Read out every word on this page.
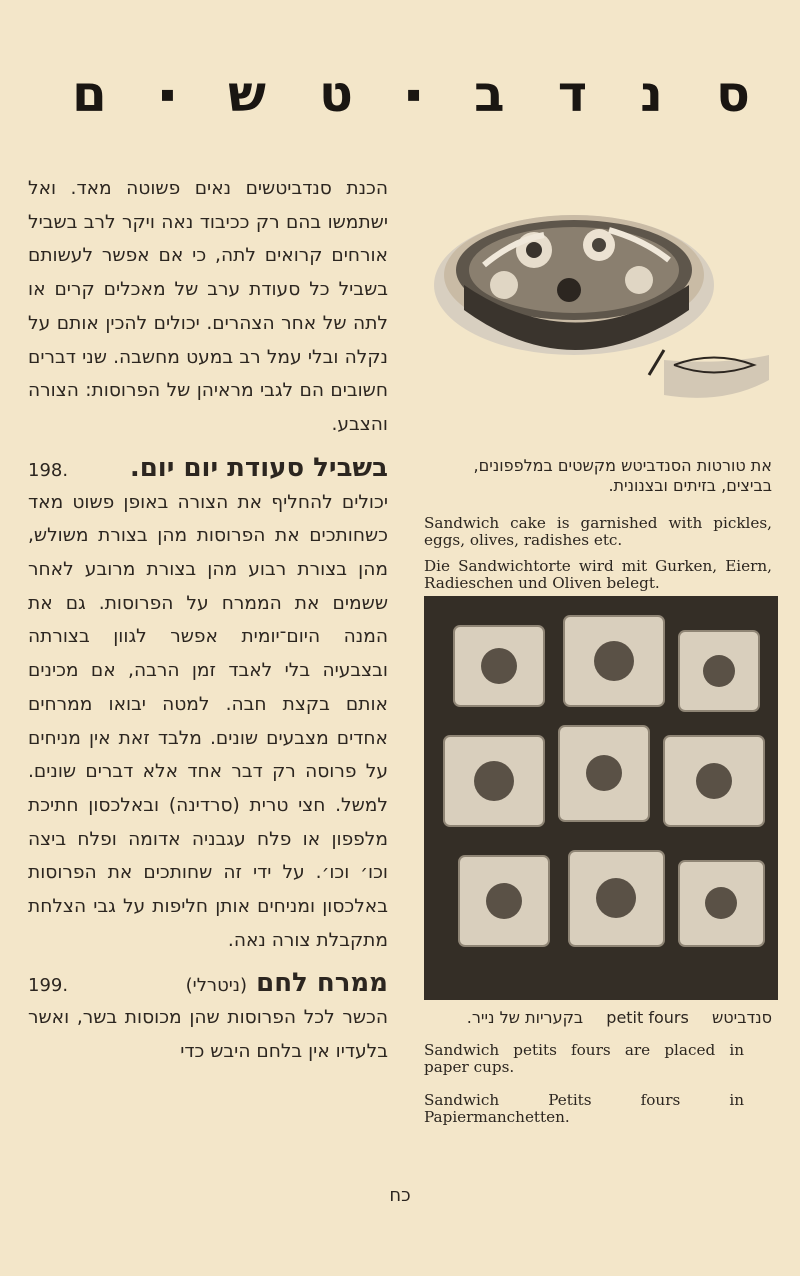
ס
נ
ד
ב
▪
ט
ש
▪
ם

הכנת סנדביטשים נאים פשוטה מאד. ואל ישתמשו בהם רק ככיבוד נאה ויקר לרב בשביל אורחים קרואים לתה, כי אם אפשר לעשותם בשביל כל סעודת ערב של מאכלים קרים או לתה של אחר הצהרים. יכולים להכין אותם על נקלה ובלי עמל רב במעט מחשבה. שני דברים חשובים הם לגבי מראיהן של הפרוסות: הצורה והצבע.

בשביל סעודת יום יום.
198.

יכולים להחליף את הצורה באופן פשוט מאד כשחותכים את הפרוסות מהן בצורת משולש, מהן בצורת רבוע מהן בצורת מרובע לאחר ששמים את הממרח על הפרוסות. גם את המנה היום־יומית אפשר לגוון בצורתה ובצבעיה בלי לאבד זמן הרבה, אם מכינים אותם בקצת חבה. למטה יבואו ממרחים אחדים מצבעים שונים. מלבד זאת אין מניחים על פרוסה רק דבר אחד אלא דברים שונים. למשל. חצי טרית (סרדינה) ובאלכסון חתיכת מלפפון או פלח עגבניה אדומה ופלח ביצה וכו׳ וכו׳. על ידי זה שחותכים את הפרוסות באלכסון ומניחים אותן חליפות על גבי הצלחת מתקבלת צורה נאה.

ממרח לחם (ניטרלי)
199.

הכשר לכל הפרוסות שהן מכוסות בשר, ואשר בלעדיו אין בלחם היבש כדי

את טורטות הסנדביטש מקשטים במלפפונים, בביצים, בזיתים ובצנונית.
Sandwich cake is garnished with pickles, eggs, olives, radishes etc.
Die Sandwichtorte wird mit Gurken, Eiern, Radieschen und Oliven belegt.
סנדביטש petit fours בקעריות של נייר.
Sandwich petits fours are placed in paper cups.
Sandwich Petits fours in Papiermanchetten.
כח
